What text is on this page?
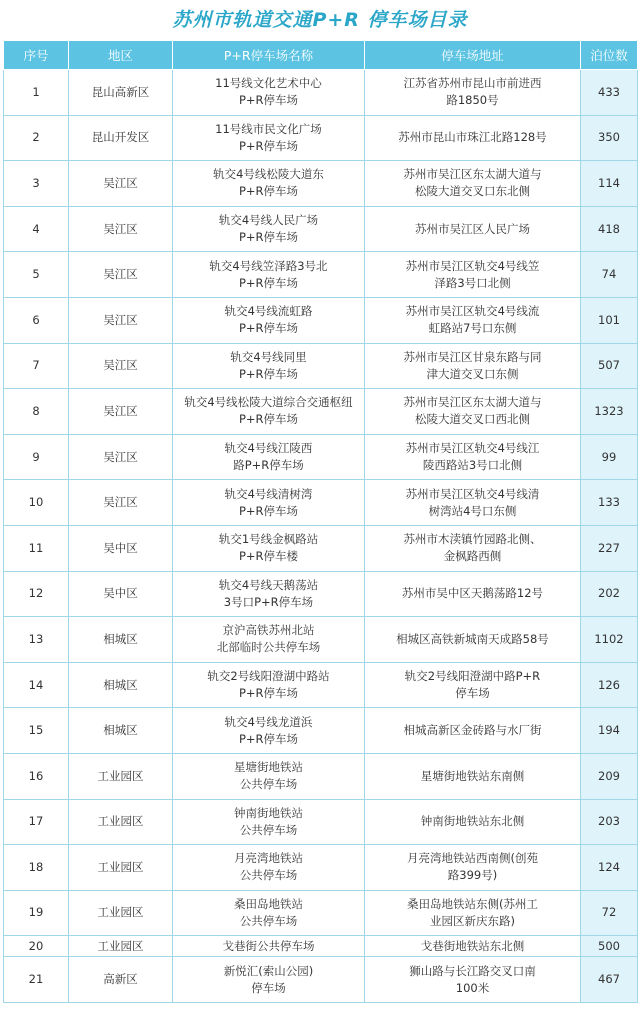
苏州市轨道交通P+R 停车场目录
序号	地区	P+R停车场名称	停车场地址	泊位数
1	昆山高新区	11号线文化艺术中心
P+R停车场	江苏省苏州市昆山市前进西
路1850号	433
2	昆山开发区	11号线市民文化广场
P+R停车场	苏州市昆山市珠江北路128号	350
3	吴江区	轨交4号线松陵大道东
P+R停车场	苏州市吴江区东太湖大道与
松陵大道交叉口东北侧	114
4	吴江区	轨交4号线人民广场
P+R停车场	苏州市吴江区人民广场	418
5	吴江区	轨交4号线笠泽路3号北
P+R停车场	苏州市吴江区轨交4号线笠
泽路3号口北侧	74
6	吴江区	轨交4号线流虹路
P+R停车场	苏州市吴江区轨交4号线流
虹路站7号口东侧	101
7	吴江区	轨交4号线同里
P+R停车场	苏州市吴江区甘泉东路与同
津大道交叉口东侧	507
8	吴江区	轨交4号线松陵大道综合交通枢纽
P+R停车场	苏州市吴江区东太湖大道与
松陵大道交叉口西北侧	1323
9	吴江区	轨交4号线江陵西
路P+R停车场	苏州市吴江区轨交4号线江
陵西路站3号口北侧	99
10	吴江区	轨交4号线清树湾
P+R停车场	苏州市吴江区轨交4号线清
树湾站4号口东侧	133
11	吴中区	轨交1号线金枫路站
P+R停车楼	苏州市木渎镇竹园路北侧、
金枫路西侧	227
12	吴中区	轨交4号线天鹅荡站
3号口P+R停车场	苏州市吴中区天鹅荡路12号	202
13	相城区	京沪高铁苏州北站
北部临时公共停车场	相城区高铁新城南天成路58号	1102
14	相城区	轨交2号线阳澄湖中路站
P+R停车场	轨交2号线阳澄湖中路P+R
停车场	126
15	相城区	轨交4号线龙道浜
P+R停车场	相城高新区金砖路与水厂街	194
16	工业园区	星塘街地铁站
公共停车场	星塘街地铁站东南侧	209
17	工业园区	钟南街地铁站
公共停车场	钟南街地铁站东北侧	203
18	工业园区	月亮湾地铁站
公共停车场	月亮湾地铁站西南侧(创苑
路399号)	124
19	工业园区	桑田岛地铁站
公共停车场	桑田岛地铁站东侧(苏州工
业园区新庆东路)	72
20	工业园区	戈巷街公共停车场	戈巷街地铁站东北侧	500
21	高新区	新悦汇(索山公园)
停车场	狮山路与长江路交叉口南
100米	467
